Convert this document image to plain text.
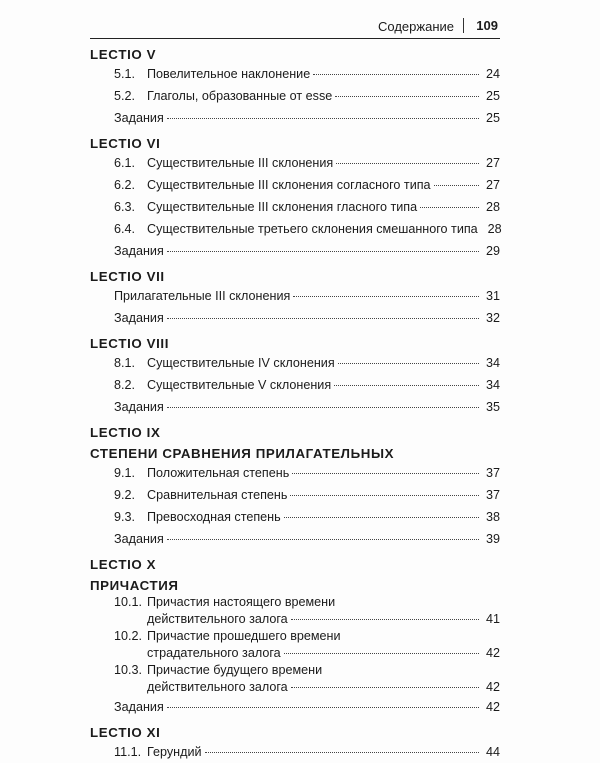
Содержание 109
LECTIO V
5.1. Повелительное наклонение	24
5.2. Глаголы, образованные от esse	25
Задания	25
LECTIO VI
6.1. Существительные III склонения	27
6.2. Существительные III склонения согласного типа	27
6.3. Существительные III склонения гласного типа	28
6.4. Существительные третьего склонения смешанного типа 28
Задания	29
LECTIO VII
Прилагательные III склонения	31
Задания	32
LECTIO VIII
8.1. Существительные IV склонения	34
8.2. Существительные V склонения	34
Задания	35
LECTIO IX
СТЕПЕНИ СРАВНЕНИЯ ПРИЛАГАТЕЛЬНЫХ
9.1. Положительная степень	37
9.2. Сравнительная степень	37
9.3. Превосходная степень	38
Задания	39
LECTIO X
ПРИЧАСТИЯ
10.1. Причастия настоящего времени
действительного залога	41
10.2. Причастие прошедшего времени
страдательного залога	42
10.3. Причастие будущего времени
действительного залога	42
Задания	42
LECTIO XI
11.1. Герундий	44
